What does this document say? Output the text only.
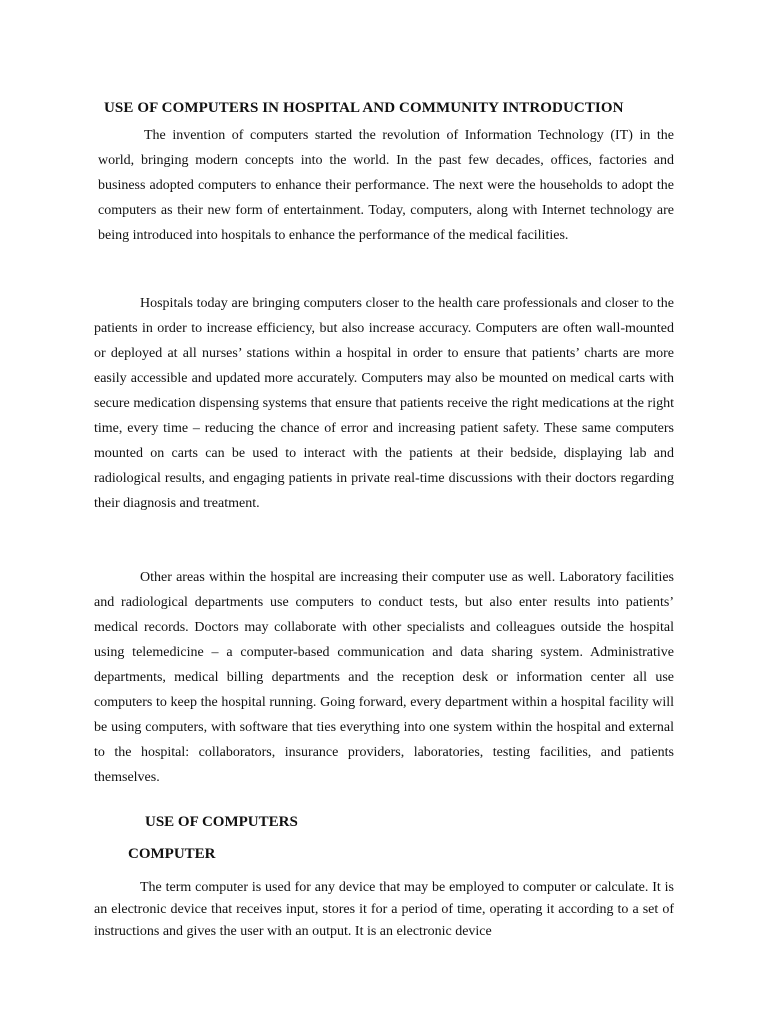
USE OF COMPUTERS IN HOSPITAL AND COMMUNITY INTRODUCTION

The invention of computers started the revolution of Information Technology (IT) in the world, bringing modern concepts into the world. In the past few decades, offices, factories and business adopted computers to enhance their performance. The next were the households to adopt the computers as their new form of entertainment. Today, computers, along with Internet technology are being introduced into hospitals to enhance the performance of the medical facilities.

Hospitals today are bringing computers closer to the health care professionals and closer to the patients in order to increase efficiency, but also increase accuracy. Computers are often wall-mounted or deployed at all nurses’ stations within a hospital in order to ensure that patients’ charts are more easily accessible and updated more accurately. Computers may also be mounted on medical carts with secure medication dispensing systems that ensure that patients receive the right medications at the right time, every time – reducing the chance of error and increasing patient safety. These same computers mounted on carts can be used to interact with the patients at their bedside, displaying lab and radiological results, and engaging patients in private real-time discussions with their doctors regarding their diagnosis and treatment.

Other areas within the hospital are increasing their computer use as well. Laboratory facilities and radiological departments use computers to conduct tests, but also enter results into patients’ medical records. Doctors may collaborate with other specialists and colleagues outside the hospital using telemedicine – a computer-based communication and data sharing system. Administrative departments, medical billing departments and the reception desk or information center all use computers to keep the hospital running. Going forward, every department within a hospital facility will be using computers, with software that ties everything into one system within the hospital and external to the hospital: collaborators, insurance providers, laboratories, testing facilities, and patients themselves.

USE OF COMPUTERS
COMPUTER

The term computer is used for any device that may be employed to computer or calculate. It is an electronic device that receives input, stores it for a period of time, operating it according to a set of instructions and gives the user with an output. It is an electronic device
